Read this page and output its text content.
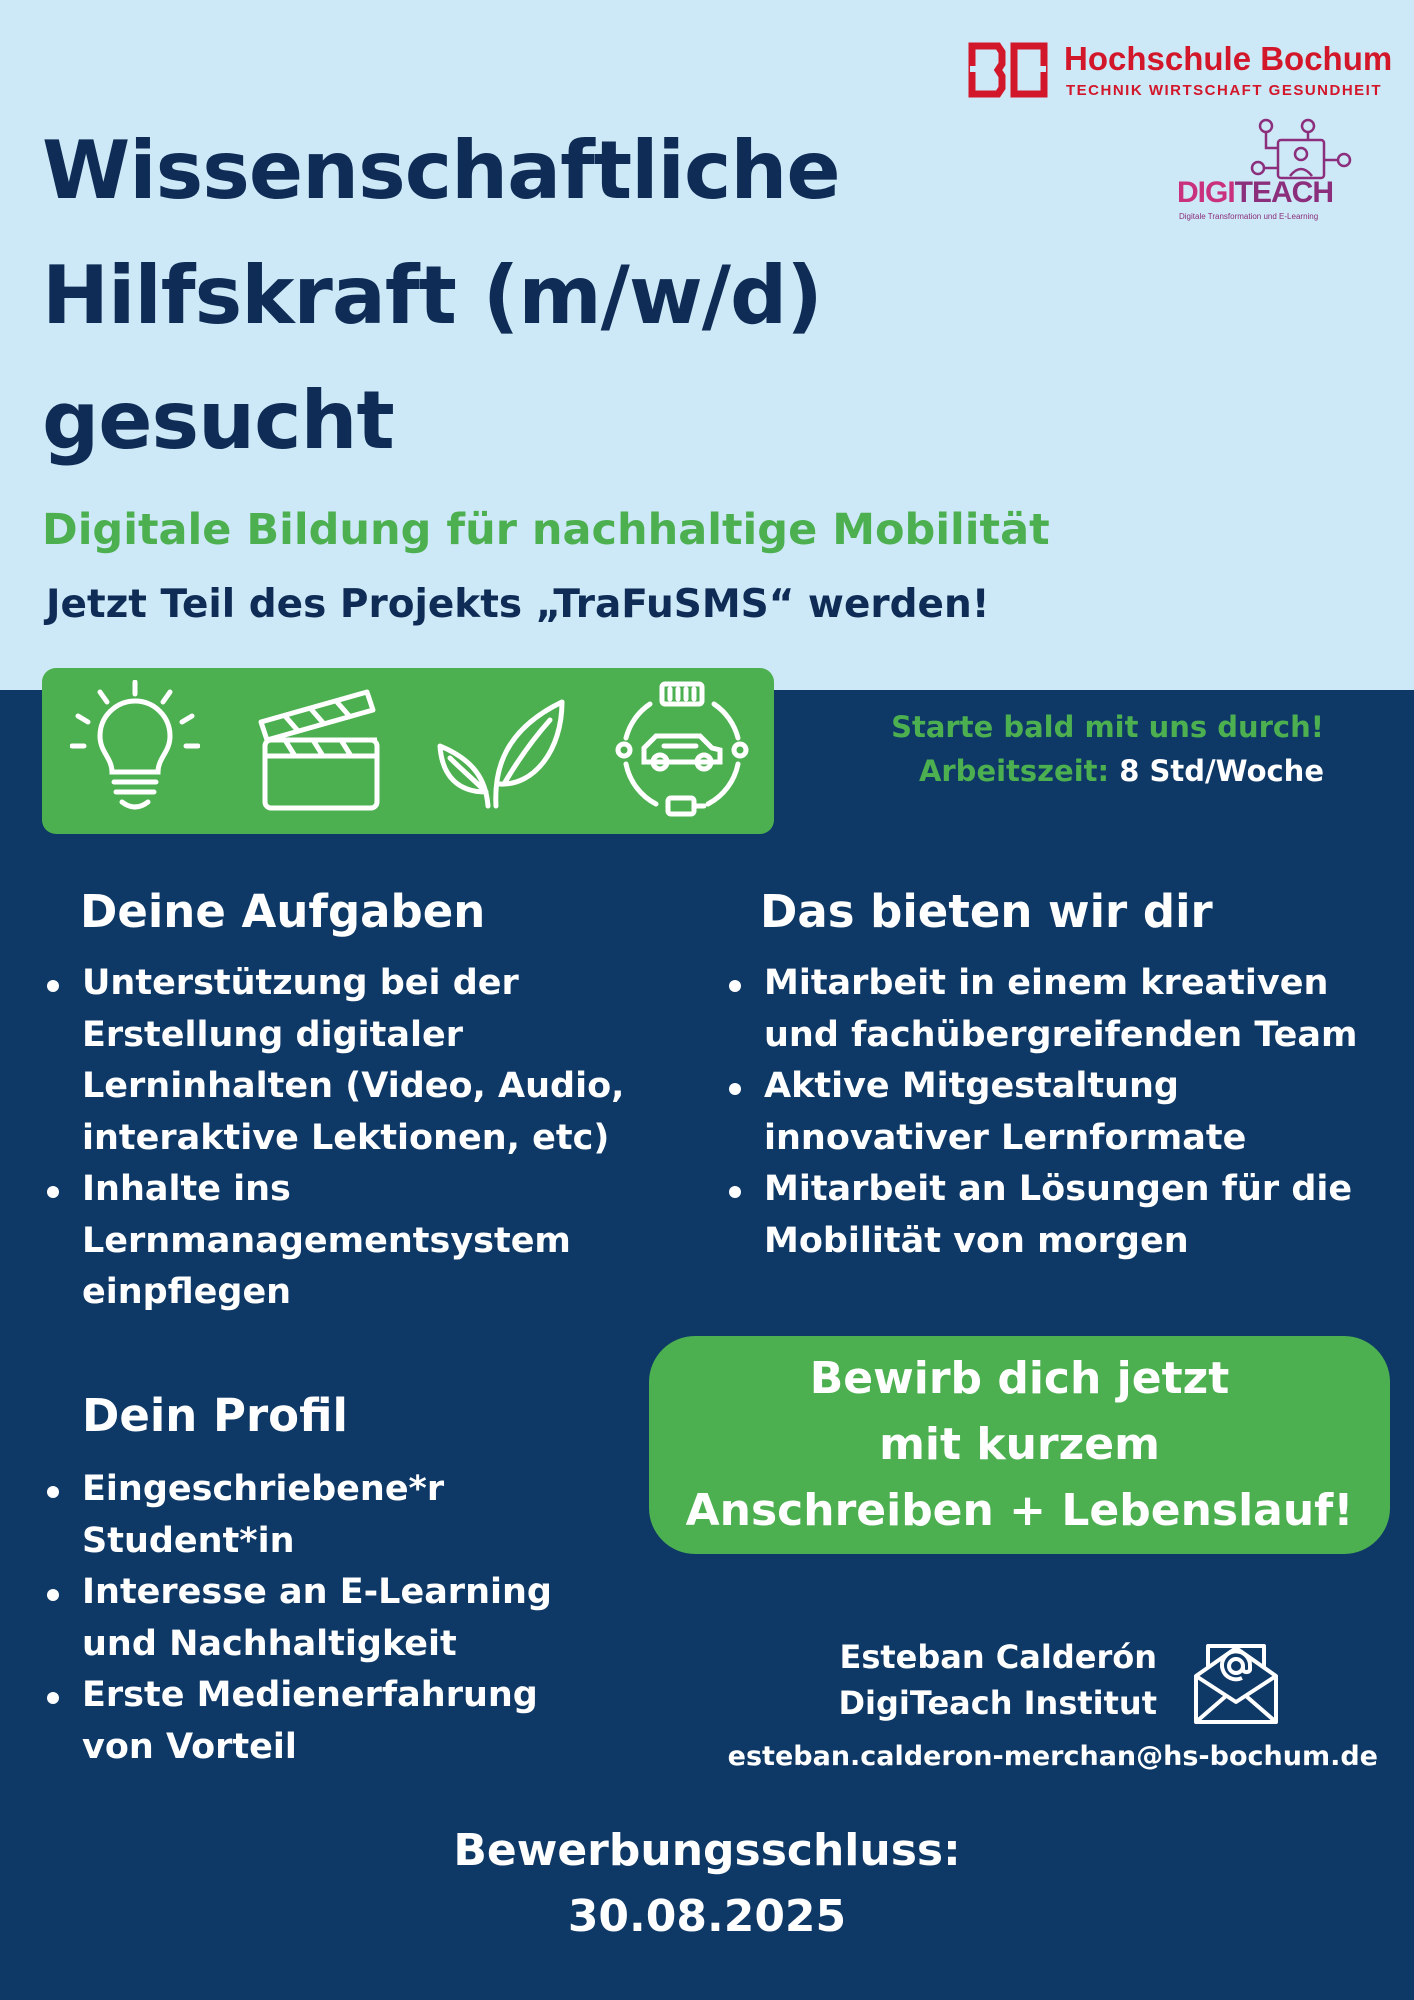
Wissenschaftliche Hilfskraft (m/w/d) gesucht

Digitale Bildung für nachhaltige Mobilität

Jetzt Teil des Projekts „TraFuSMS“ werden!

Hochschule Bochum
TECHNIK WIRTSCHAFT GESUNDHEIT
DIGITEACH
Digitale Transformation und E-Learning

Starte bald mit uns durch!
Arbeitszeit: 8 Std/Woche

Deine Aufgaben
Unterstützung bei der Erstellung digitaler Lerninhalten (Video, Audio, interaktive Lektionen, etc)
Inhalte ins Lernmanagementsystem einpflegen
Das bieten wir dir
Mitarbeit in einem kreativen und fachübergreifenden Team
Aktive Mitgestaltung innovativer Lernformate
Mitarbeit an Lösungen für die Mobilität von morgen
Dein Profil
Eingeschriebene*r Student*in
Interesse an E-Learning und Nachhaltigkeit
Erste Medienerfahrung von Vorteil
Bewirb dich jetzt
mit kurzem
Anschreiben + Lebenslauf!

Esteban Calderón

DigiTeach Institut

esteban.calderon-merchan@hs-bochum.de

Bewerbungsschluss:
30.08.2025
